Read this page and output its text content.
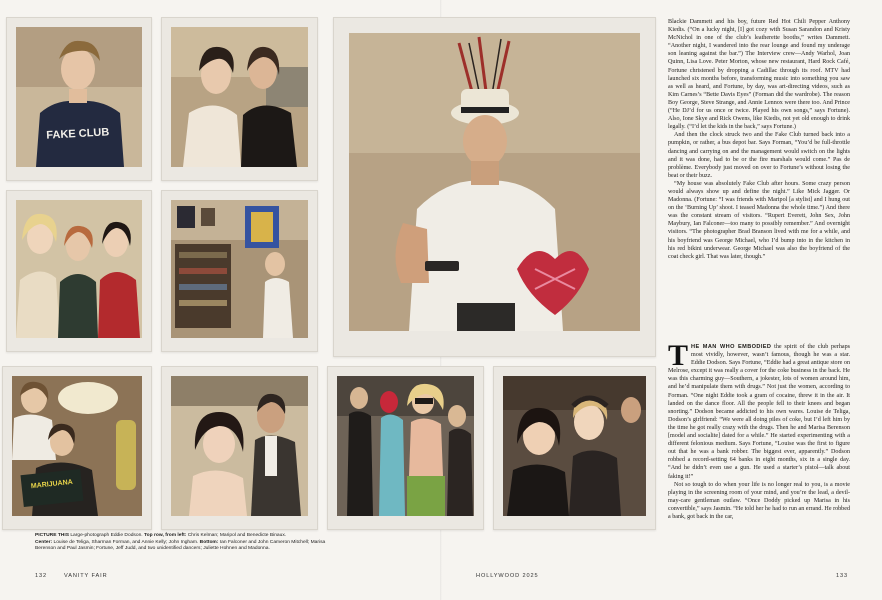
FAKE CLUB
MARIJUANA
PICTURE THIS Large-photograph Eddie Dodson. Top row, from left: Chris Kelman; Maripol and Benedicte Binaux.
Center: Louise de Teliga, Sharman Forman, and Annie Kelly; John Ingham. Bottom: Ian Falconer and John Cameron Mitchell; Marisa Berenson and Paul Jasmin; Fortune, Jeff Judd, and two unidentified dancers; Juliette Hohnen and Madonna.
132	VANITY FAIR	HOLLYWOOD 2025	133

Blackie Dammett and his boy, future Red Hot Chili Pepper Anthony Kiedis. (“On a lucky night, [I] got cozy with Susan Sarandon and Kristy McNichol in one of the club’s leatherette booths,” writes Dammett. “Another night, I wandered into the rear lounge and found my underage son leaning against the bar.”) The Interview crew—Andy Warhol, Joan Quinn, Lisa Love. Peter Morton, whose new restaurant, Hard Rock Café, Fortune christened by dropping a Cadillac through its roof. MTV had launched six months before, transforming music into something you saw as well as heard, and Fortune, by day, was art-directing videos, such as Kim Carnes’s “Bette Davis Eyes” (Forman did the wardrobe). The reason Boy George, Steve Strange, and Annie Lennox were there too. And Prince (“He DJ’d for us once or twice. Played his own songs,” says Fortune). Also, Ione Skye and Rick Owens, like Kiedis, not yet old enough to drink legally. (“I’d let the kids in the back,” says Fortune.)

And then the clock struck two and the Fake Club turned back into a pumpkin, or rather, a bus depot bar. Says Forman, “You’d be full-throttle dancing and carrying on and the management would switch on the lights and it was done, had to be or the fire marshals would come.” Pas de problème. Everybody just moved on over to Fortune’s without losing the beat or their buzz.

“My house was absolutely Fake Club after hours. Some crazy person would always show up and define the night.” Like Mick Jagger. Or Madonna. (Fortune: “I was friends with Maripol [a stylist] and I hung out on the ‘Burning Up’ shoot. I teased Madonna the whole time.”) And there was the constant stream of visitors. “Rupert Everett, John Sex, John Maybury, Ian Falconer—too many to possibly remember.” And overnight visitors. “The photographer Brad Branson lived with me for a while, and his boyfriend was George Michael, who I’d bump into in the kitchen in his red bikini underwear. George Michael was also the boyfriend of the coat check girl. That was later, though.”

THE MAN WHO EMBODIED the spirit of the club perhaps most vividly, however, wasn’t famous, though he was a star. Eddie Dodson. Says Fortune, “Eddie had a great antique store on Melrose, except it was really a cover for the coke business in the back. He was this charming guy—Southern, a jokester, lots of women around him, and he’d manipulate them with drugs.” Not just the women, according to Forman. “One night Eddie took a gram of cocaine, threw it in the air. It landed on the dance floor. All the people fell to their knees and began snorting.” Dodson became addicted to his own wares. Louise de Teliga, Dodson’s girlfriend: “We were all doing piles of coke, but I’d left him by the time he got really crazy with the drugs. Then he and Marisa Berenson [model and socialite] dated for a while.” He started experimenting with a different felonious medium. Says Fortune, “Louise was the first to figure out that he was a bank robber. The biggest ever, apparently.” Dodson robbed a record-setting 64 banks in eight months, six in a single day. “And he didn’t even use a gun. He used a starter’s pistol—talk about faking it!”

Not so tough to do when your life is no longer real to you, is a movie playing in the screening room of your mind, and you’re the lead, a devil-may-care gentleman outlaw. “Once Doddy picked up Marisa in his convertible,” says Jasmin. “He told her he had to run an errand. He robbed a bank, got back in the car,
